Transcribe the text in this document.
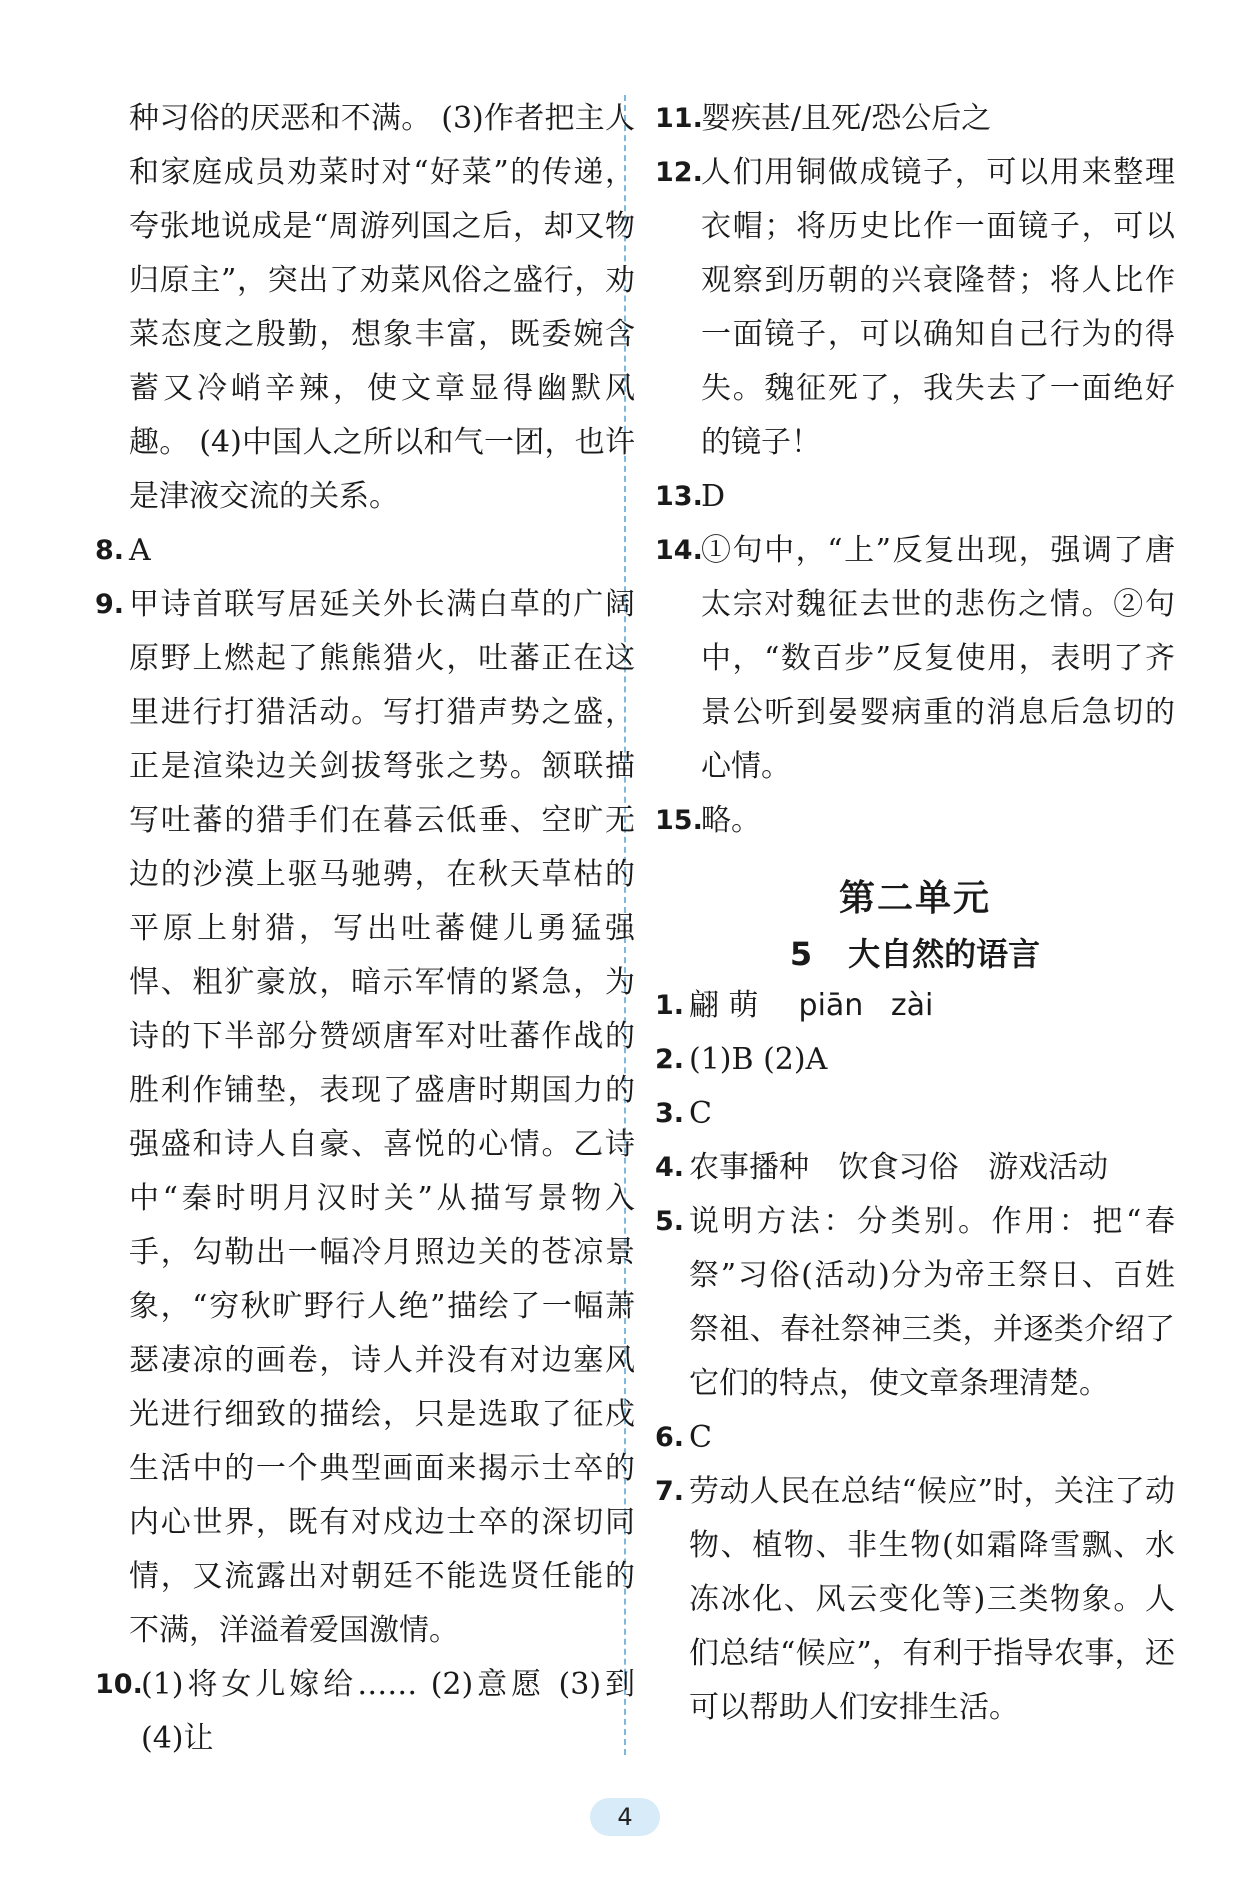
种习俗的厌恶和不满。 (3)作者把主人和家庭成员劝菜时对“好菜”的传递，夸张地说成是“周游列国之后，却又物归原主”，突出了劝菜风俗之盛行，劝菜态度之殷勤，想象丰富，既委婉含蓄又冷峭辛辣，使文章显得幽默风趣。 (4)中国人之所以和气一团，也许是津液交流的关系。
8. A
9. 甲诗首联写居延关外长满白草的广阔原野上燃起了熊熊猎火，吐蕃正在这里进行打猎活动。写打猎声势之盛，正是渲染边关剑拔弩张之势。颔联描写吐蕃的猎手们在暮云低垂、空旷无边的沙漠上驱马驰骋，在秋天草枯的平原上射猎，写出吐蕃健儿勇猛强悍、粗犷豪放，暗示军情的紧急，为诗的下半部分赞颂唐军对吐蕃作战的胜利作铺垫，表现了盛唐时期国力的强盛和诗人自豪、喜悦的心情。乙诗中“秦时明月汉时关”从描写景物入手，勾勒出一幅冷月照边关的苍凉景象，“穷秋旷野行人绝”描绘了一幅萧瑟凄凉的画卷，诗人并没有对边塞风光进行细致的描绘，只是选取了征戍生活中的一个典型画面来揭示士卒的内心世界，既有对戍边士卒的深切同情，又流露出对朝廷不能选贤任能的不满，洋溢着爱国激情。
10.
(1)将女儿嫁给…… (2)意愿 (3)到 (4)让
11.
婴疾甚/且死/恐公后之
12.
人们用铜做成镜子，可以用来整理衣帽；将历史比作一面镜子，可以观察到历朝的兴衰隆替；将人比作一面镜子，可以确知自己行为的得失。魏征死了，我失去了一面绝好的镜子！
13.
D
14.
①句中，“上”反复出现，强调了唐太宗对魏征去世的悲伤之情。②句中，“数百步”反复使用，表明了齐景公听到晏婴病重的消息后急切的心情。
15.
略。
第二单元
5 大自然的语言
1. 翩 萌 piān zài
2. (1)B (2)A
3. C
4. 农事播种 饮食习俗 游戏活动
5. 说明方法：分类别。作用：把“春祭”习俗(活动)分为帝王祭日、百姓祭祖、春社祭神三类，并逐类介绍了它们的特点，使文章条理清楚。
6. C
7. 劳动人民在总结“候应”时，关注了动物、植物、非生物(如霜降雪飘、水冻冰化、风云变化等)三类物象。人们总结“候应”，有利于指导农事，还可以帮助人们安排生活。
4
